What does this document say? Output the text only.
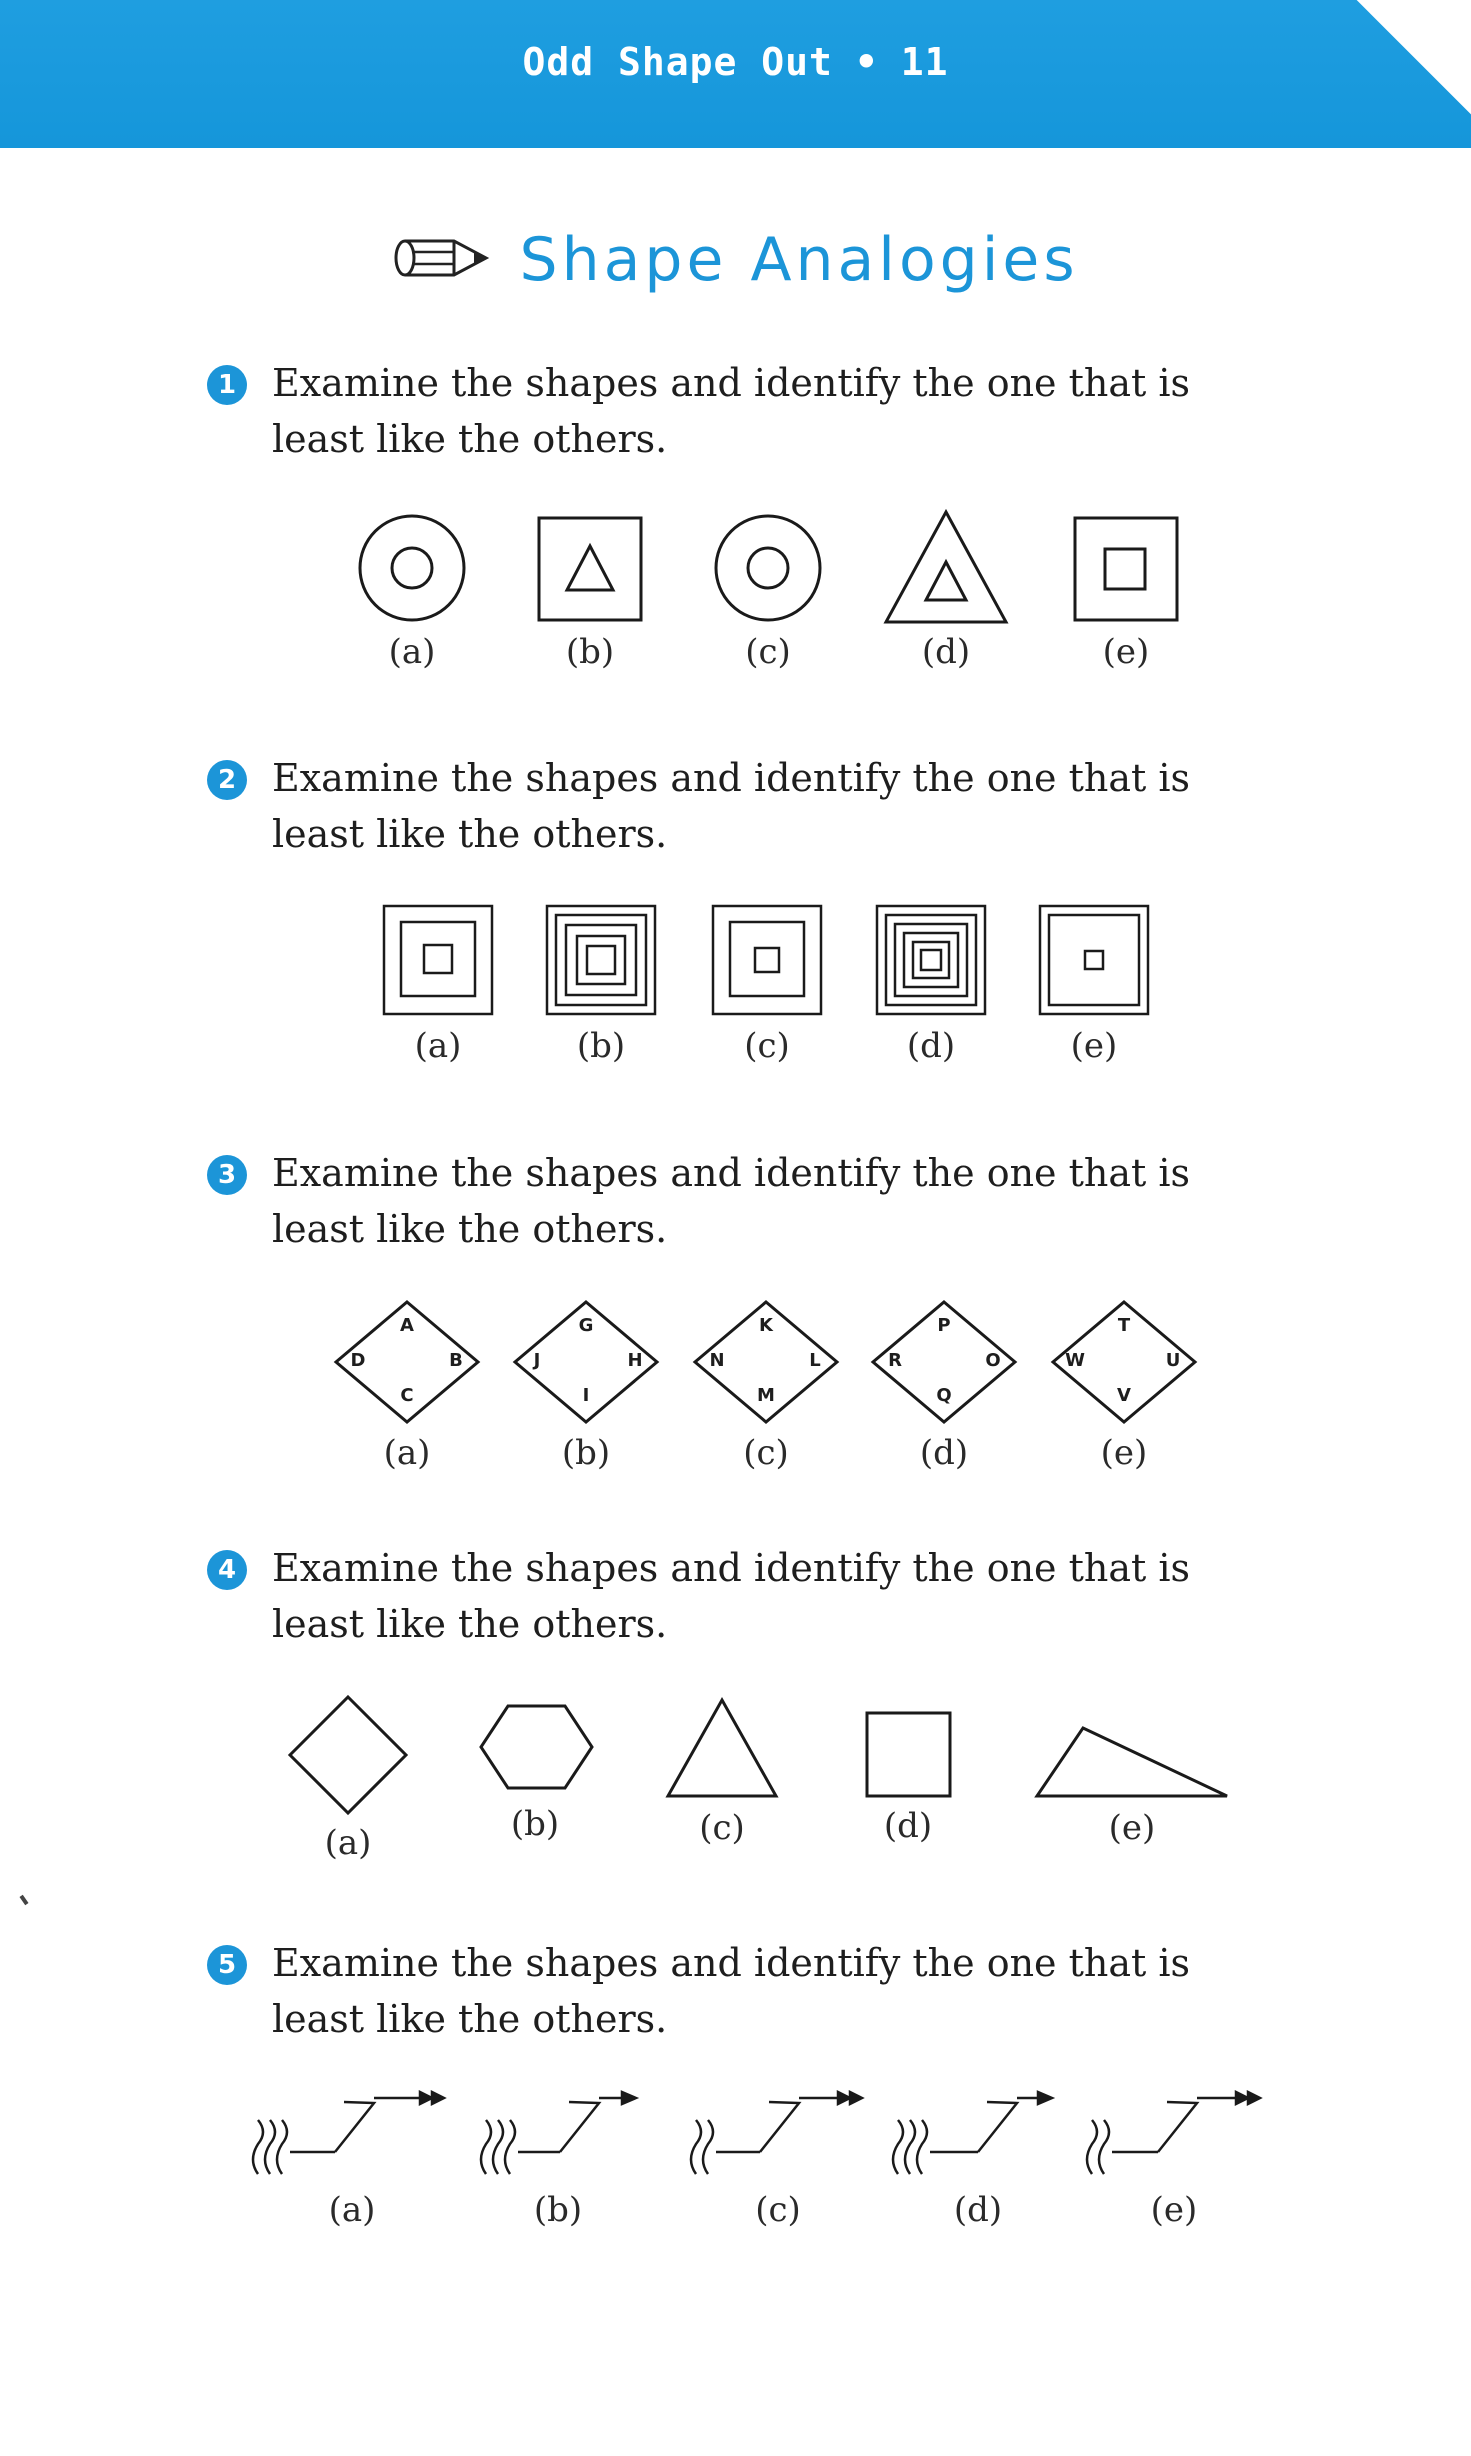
Odd Shape Out • 11
Shape Analogies
1 Examine the shapes and identify the one that is least like the others.

(a)	(b)	(c)	(d)	(e)
2 Examine the shapes and identify the one that is least like the others.

(a)	(b)	(c)	(d)	(e)
3 Examine the shapes and identify the one that is least like the others.

A
B
C
D
G
H
I
J
K
L
M
N
P
O
Q
R
T
U
V
W
(a)	(b)	(c)	(d)	(e)
4 Examine the shapes and identify the one that is least like the others.

(a)	(b)	(c)	(d)	(e)
5 Examine the shapes and identify the one that is least like the others.

(a)	(b)	(c)	(d)	(e)
